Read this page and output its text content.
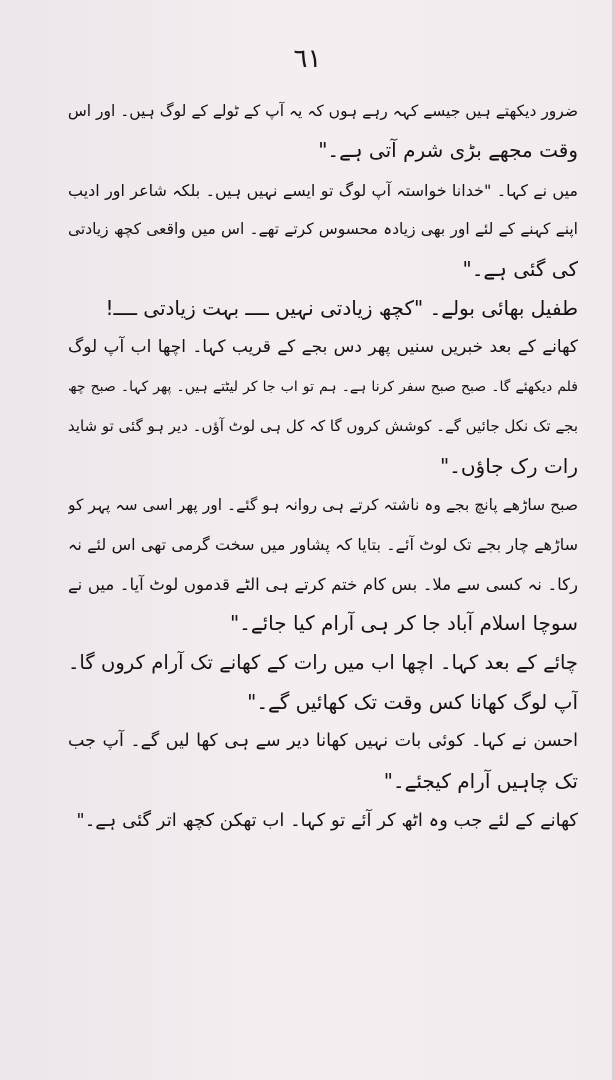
٦١
ضرور دیکھتے ہیں جیسے کہہ رہے ہوں کہ یہ آپ کے ٹولے کے لوگ ہیں۔ اور اس
وقت مجھے بڑی شرم آتی ہے۔"
میں نے کہا۔ "خدانا خواستہ آپ لوگ تو ایسے نہیں ہیں۔ بلکہ شاعر اور ادیب
اپنے کہنے کے لئے اور بھی زیادہ محسوس کرتے تھے۔ اس میں واقعی کچھ زیادتی
کی گئی ہے۔"
طفیل بھائی بولے۔ "کچھ زیادتی نہیں ــــ بہت زیادتی ــــ!
کھانے کے بعد خبریں سنیں پھر دس بجے کے قریب کہا۔ اچھا اب آپ لوگ
فلم دیکھئے گا۔ صبح صبح سفر کرنا ہے۔ ہم تو اب جا کر لیٹتے ہیں۔ پھر کہا۔ صبح چھ
بجے تک نکل جائیں گے۔ کوشش کروں گا کہ کل ہی لوٹ آؤں۔ دیر ہو گئی تو شاید
رات رک جاؤں۔"
صبح ساڑھے پانچ بجے وہ ناشتہ کرتے ہی روانہ ہو گئے۔ اور پھر اسی سہ پہر کو
ساڑھے چار بجے تک لوٹ آئے۔ بتایا کہ پشاور میں سخت گرمی تھی اس لئے نہ
رکا۔ نہ کسی سے ملا۔ بس کام ختم کرتے ہی الٹے قدموں لوٹ آیا۔ میں نے
سوچا اسلام آباد جا کر ہی آرام کیا جائے۔"
چائے کے بعد کہا۔ اچھا اب میں رات کے کھانے تک آرام کروں گا۔
آپ لوگ کھانا کس وقت تک کھائیں گے۔"
احسن نے کہا۔ کوئی بات نہیں کھانا دیر سے ہی کھا لیں گے۔ آپ جب
تک چاہیں آرام کیجئے۔"
کھانے کے لئے جب وہ اٹھ کر آئے تو کہا۔ اب تھکن کچھ اتر گئی ہے۔"
